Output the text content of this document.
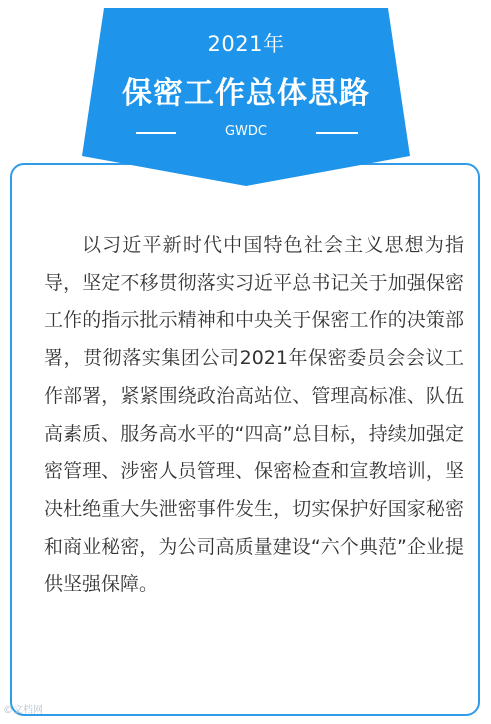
2021年
保密工作总体思路
GWDC

以习近平新时代中国特色社会主义思想为指导，坚定不移贯彻落实习近平总书记关于加强保密工作的指示批示精神和中央关于保密工作的决策部署，贯彻落实集团公司2021年保密委员会会议工作部署，紧紧围绕政治高站位、管理高标准、队伍高素质、服务高水平的“四高”总目标，持续加强定密管理、涉密人员管理、保密检查和宣教培训，坚决杜绝重大失泄密事件发生，切实保护好国家秘密和商业秘密，为公司高质量建设“六个典范”企业提供坚强保障。

©文档网
